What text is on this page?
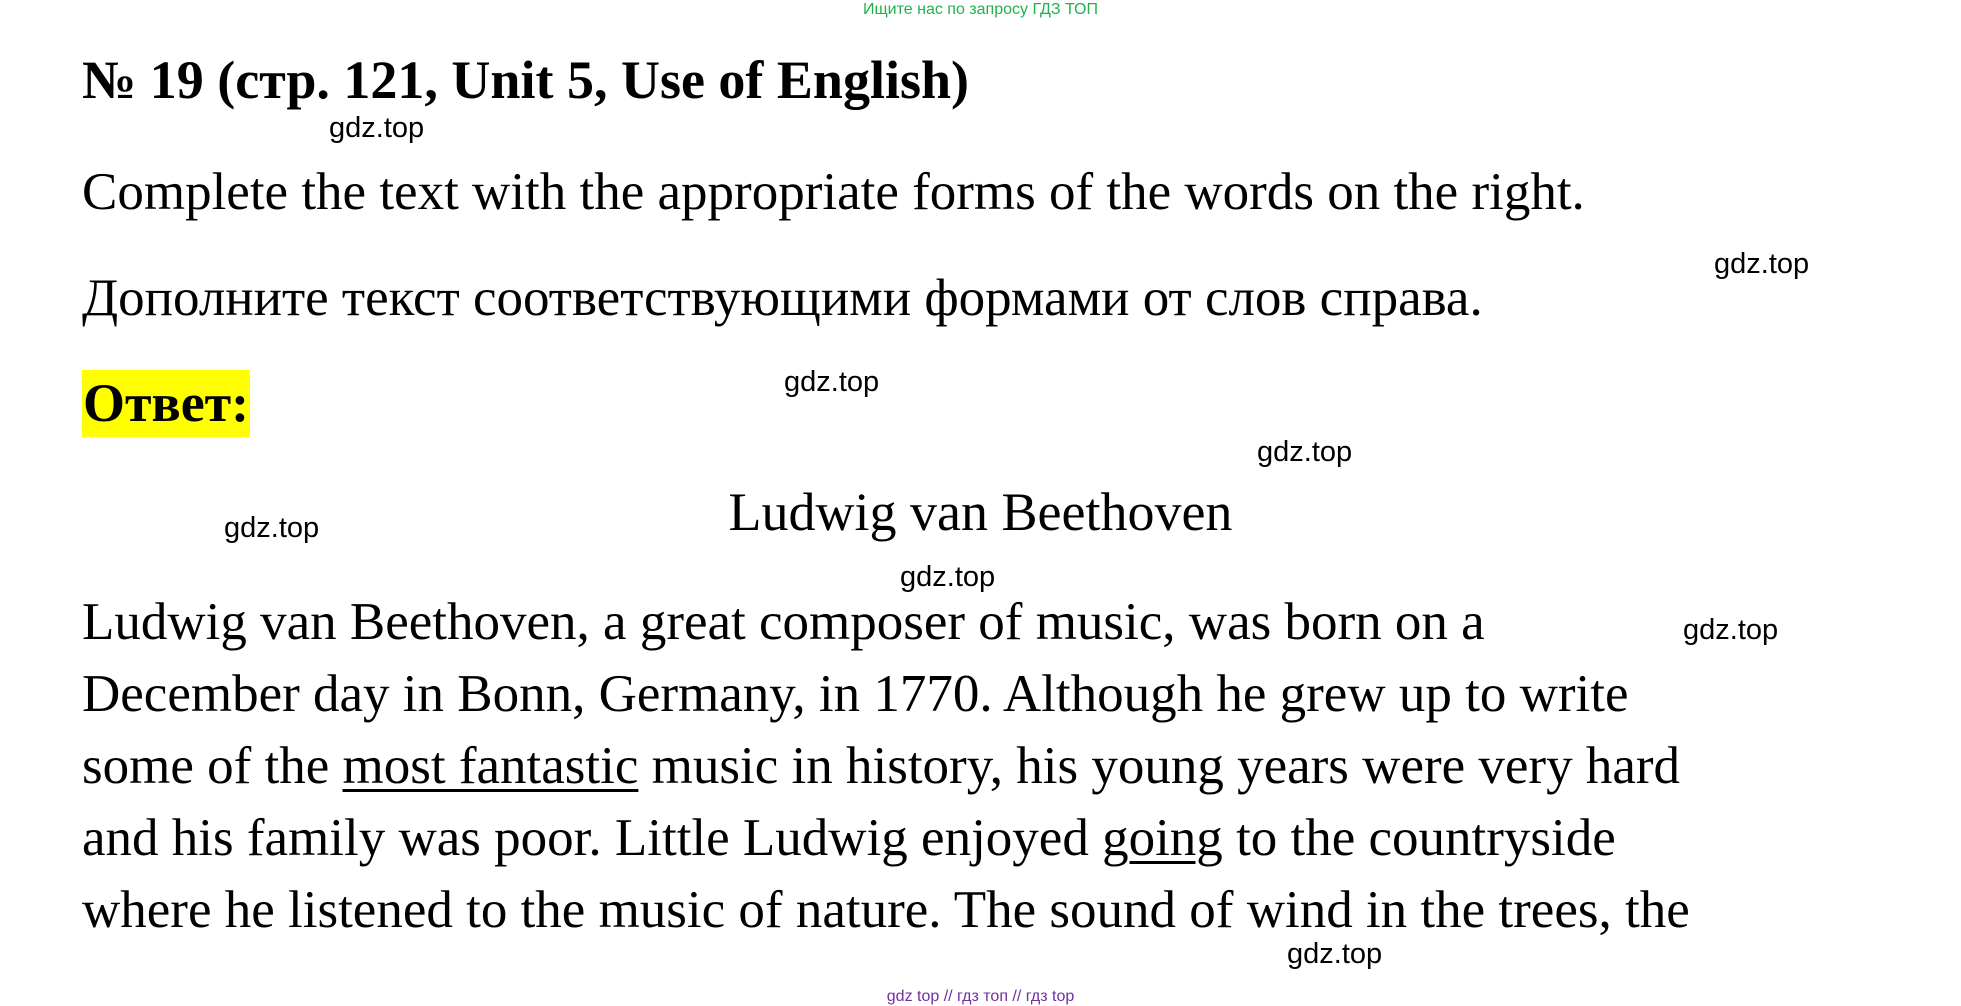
Ищите нас по запросу ГДЗ ТОП
№ 19 (стр. 121, Unit 5, Use of English)
Complete the text with the appropriate forms of the words on the right.
Дополните текст соответствующими формами от слов справа.
Ответ:
Ludwig van Beethoven
Ludwig van Beethoven, a great composer of music, was born on a
December day in Bonn, Germany, in 1770. Although he grew up to write
some of the most fantastic music in history, his young years were very hard
and his family was poor. Little Ludwig enjoyed going to the countryside
where he listened to the music of nature. The sound of wind in the trees, the
gdz.top
gdz.top
gdz.top
gdz.top
gdz.top
gdz.top
gdz.top
gdz.top
gdz top // гдз топ // гдз top
